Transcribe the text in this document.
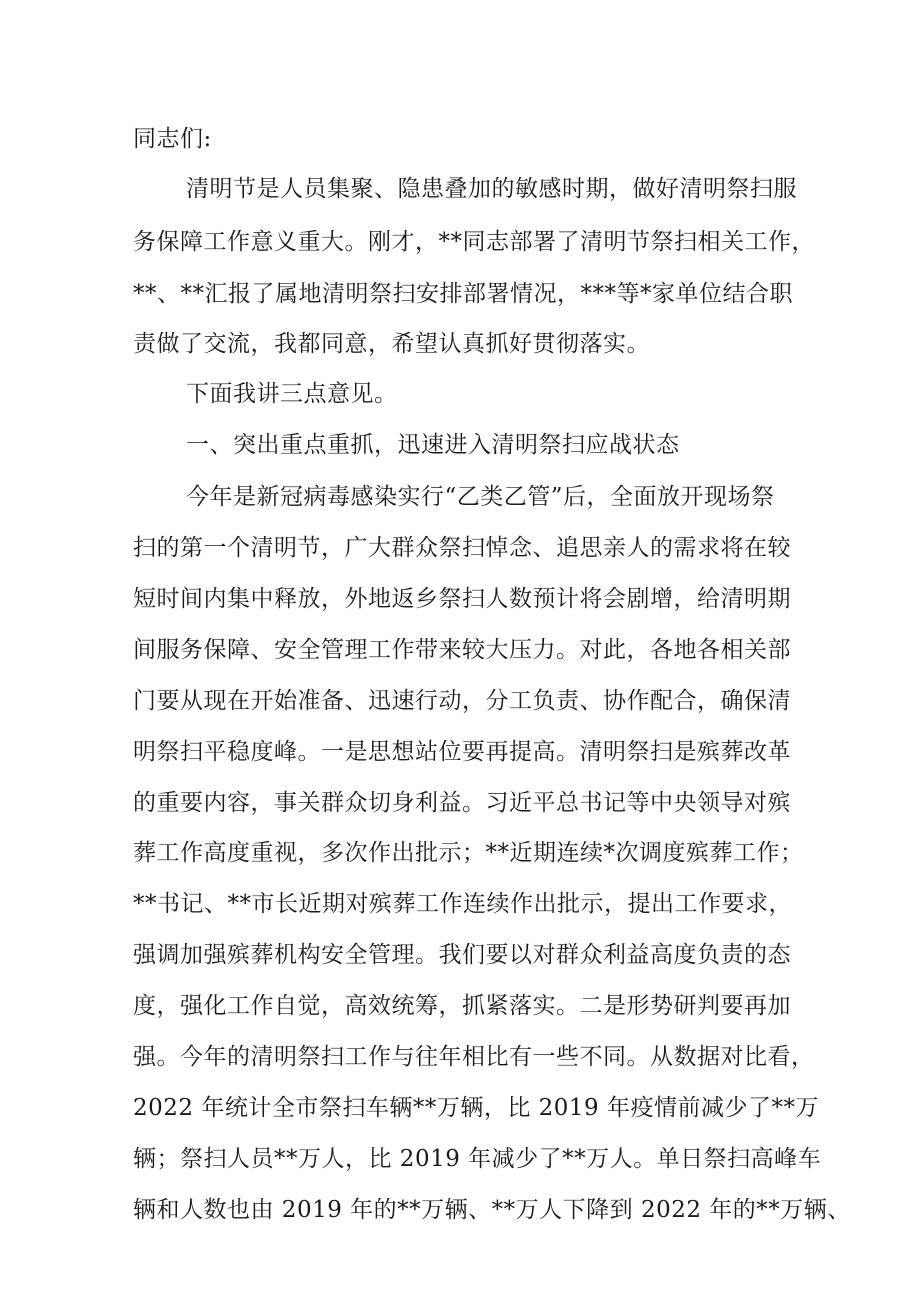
同志们:
清明节是人员集聚、隐患叠加的敏感时期，做好清明祭扫服
务保障工作意义重大。刚才，**同志部署了清明节祭扫相关工作，
**、**汇报了属地清明祭扫安排部署情况，***等*家单位结合职
责做了交流，我都同意，希望认真抓好贯彻落实。
下面我讲三点意见。
一、突出重点重抓，迅速进入清明祭扫应战状态
今年是新冠病毒感染实行“乙类乙管”后，全面放开现场祭
扫的第一个清明节，广大群众祭扫悼念、追思亲人的需求将在较
短时间内集中释放，外地返乡祭扫人数预计将会剧增，给清明期
间服务保障、安全管理工作带来较大压力。对此，各地各相关部
门要从现在开始准备、迅速行动，分工负责、协作配合，确保清
明祭扫平稳度峰。一是思想站位要再提高。清明祭扫是殡葬改革
的重要内容，事关群众切身利益。习近平总书记等中央领导对殡
葬工作高度重视，多次作出批示；**近期连续*次调度殡葬工作；
**书记、**市长近期对殡葬工作连续作出批示，提出工作要求，
强调加强殡葬机构安全管理。我们要以对群众利益高度负责的态
度，强化工作自觉，高效统筹，抓紧落实。二是形势研判要再加
强。今年的清明祭扫工作与往年相比有一些不同。从数据对比看，
2022 年统计全市祭扫车辆**万辆，比 2019 年疫情前减少了**万
辆；祭扫人员**万人，比 2019 年减少了**万人。单日祭扫高峰车
辆和人数也由 2019 年的**万辆、**万人下降到 2022 年的**万辆、
